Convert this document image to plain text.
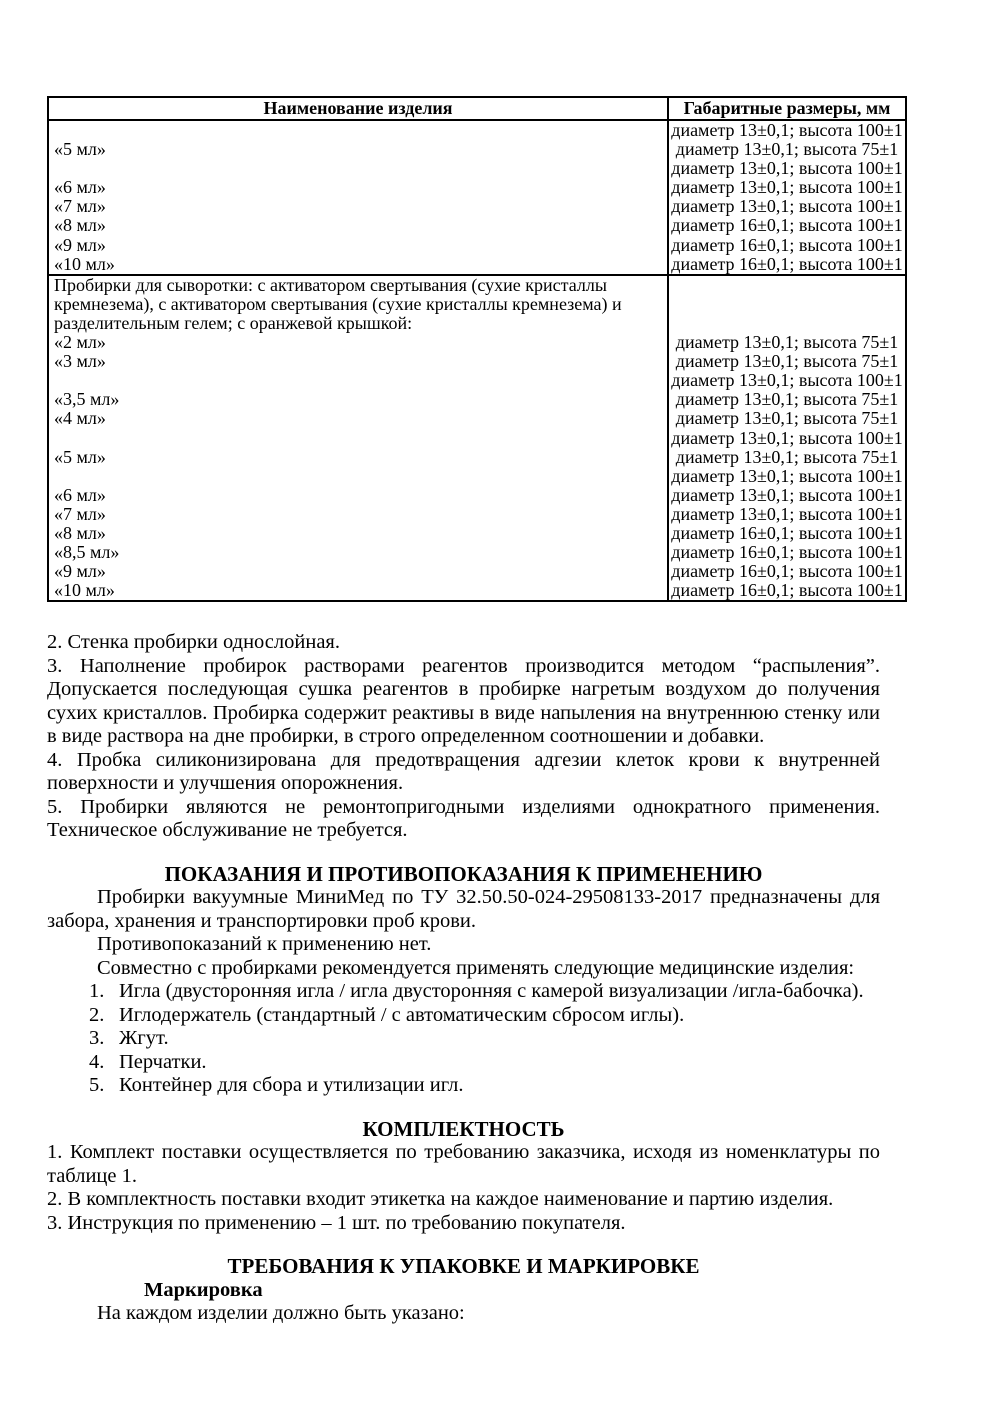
Наименование изделия	Габаритные размеры, мм

«5 мл»

«6 мл»
«7 мл»
«8 мл»
«9 мл»
«10 мл»
диаметр 13±0,1; высота 100±1
диаметр 13±0,1; высота 75±1
диаметр 13±0,1; высота 100±1
диаметр 13±0,1; высота 100±1
диаметр 13±0,1; высота 100±1
диаметр 16±0,1; высота 100±1
диаметр 16±0,1; высота 100±1
диаметр 16±0,1; высота 100±1
Пробирки для сыворотки: с активатором свертывания (сухие кристаллы
кремнезема), с активатором свертывания (сухие кристаллы кремнезема) и
разделительным гелем; с оранжевой крышкой:
«2 мл»
«3 мл»

«3,5 мл»
«4 мл»

«5 мл»

«6 мл»
«7 мл»
«8 мл»
«8,5 мл»
«9 мл»
«10 мл»

диаметр 13±0,1; высота 75±1
диаметр 13±0,1; высота 75±1
диаметр 13±0,1; высота 100±1
диаметр 13±0,1; высота 75±1
диаметр 13±0,1; высота 75±1
диаметр 13±0,1; высота 100±1
диаметр 13±0,1; высота 75±1
диаметр 13±0,1; высота 100±1
диаметр 13±0,1; высота 100±1
диаметр 13±0,1; высота 100±1
диаметр 16±0,1; высота 100±1
диаметр 16±0,1; высота 100±1
диаметр 16±0,1; высота 100±1
диаметр 16±0,1; высота 100±1

2. Стенка пробирки однослойная.

3. Наполнение пробирок растворами реагентов производится методом “распыления”. Допускается последующая сушка реагентов в пробирке нагретым воздухом до получения сухих кристаллов. Пробирка содержит реактивы в виде напыления на внутреннюю стенку или в виде раствора на дне пробирки, в строго определенном соотношении и добавки.

4. Пробка силиконизирована для предотвращения адгезии клеток крови к внутренней поверхности и улучшения опорожнения.

5. Пробирки являются не ремонтопригодными изделиями однократного применения. Техническое обслуживание не требуется.

ПОКАЗАНИЯ И ПРОТИВОПОКАЗАНИЯ К ПРИМЕНЕНИЮ

Пробирки вакуумные МиниМед по ТУ 32.50.50-024-29508133-2017 предназначены для забора, хранения и транспортировки проб крови.

Противопоказаний к применению нет.

Совместно с пробирками рекомендуется применять следующие медицинские изделия:

1. Игла (двусторонняя игла / игла двусторонняя с камерой визуализации /игла-бабочка).
2. Иглодержатель (стандартный / с автоматическим сбросом иглы).
3. Жгут.
4. Перчатки.
5. Контейнер для сбора и утилизации игл.

КОМПЛЕКТНОСТЬ

1. Комплект поставки осуществляется по требованию заказчика, исходя из номенклатуры по таблице 1.

2. В комплектность поставки входит этикетка на каждое наименование и партию изделия.

3. Инструкция по применению – 1 шт. по требованию покупателя.

ТРЕБОВАНИЯ К УПАКОВКЕ И МАРКИРОВКЕ

Маркировка

На каждом изделии должно быть указано:
